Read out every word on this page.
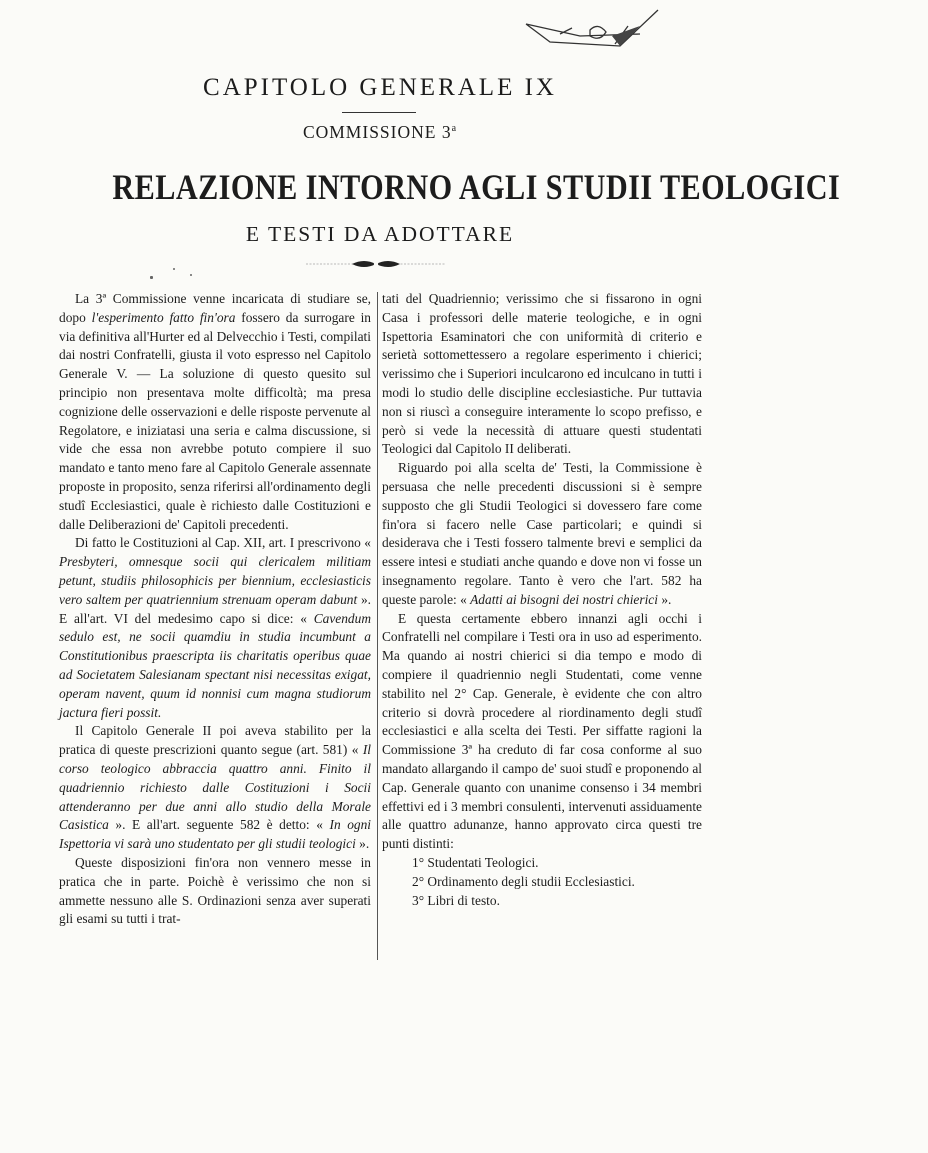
CAPITOLO GENERALE IX
COMMISSIONE 3$^a$
RELAZIONE INTORNO AGLI STUDII TEOLOGICI
E TESTI DA ADOTTARE

La 3ª Commissione venne incaricata di studiare se, dopo l'esperimento fatto fin'ora fossero da surrogare in via definitiva all'Hurter ed al Delvecchio i Testi, compilati dai nostri Confratelli, giusta il voto espresso nel Capitolo Generale V. — La soluzione di questo quesito sul principio non presentava molte difficoltà; ma presa cognizione delle osservazioni e delle risposte pervenute al Regolatore, e iniziatasi una seria e calma discussione, si vide che essa non avrebbe potuto compiere il suo mandato e tanto meno fare al Capitolo Generale assennate proposte in proposito, senza riferirsi all'ordinamento degli studî Ecclesiastici, quale è richiesto dalle Costituzioni e dalle Deliberazioni de' Capitoli precedenti.

Di fatto le Costituzioni al Cap. XII, art. I prescrivono « Presbyteri, omnesque socii qui clericalem militiam petunt, studiis philosophicis per biennium, ecclesiasticis vero saltem per quatriennium strenuam operam dabunt ». E all'art. VI del medesimo capo si dice: « Cavendum sedulo est, ne socii quamdiu in studia incumbunt a Constitutionibus praescripta iis charitatis operibus quae ad Societatem Salesianam spectant nisi necessitas exigat, operam navent, quum id nonnisi cum magna studiorum jactura fieri possit.

Il Capitolo Generale II poi aveva stabilito per la pratica di queste prescrizioni quanto segue (art. 581) « Il corso teologico abbraccia quattro anni. Finito il quadriennio richiesto dalle Costituzioni i Socii attenderanno per due anni allo studio della Morale Casistica ». E all'art. seguente 582 è detto: « In ogni Ispettoria vi sarà uno studentato per gli studii teologici ».

Queste disposizioni fin'ora non vennero messe in pratica che in parte. Poichè è verissimo che non si ammette nessuno alle S. Ordinazioni senza aver superati gli esami su tutti i trat-

tati del Quadriennio; verissimo che si fissarono in ogni Casa i professori delle materie teologiche, e in ogni Ispettoria Esaminatori che con uniformità di criterio e serietà sottomettessero a regolare esperimento i chierici; verissimo che i Superiori inculcarono ed inculcano in tutti i modi lo studio delle discipline ecclesiastiche. Pur tuttavia non si riuscì a conseguire interamente lo scopo prefisso, e però si vede la necessità di attuare questi studentati Teologici dal Capitolo II deliberati.

Riguardo poi alla scelta de' Testi, la Commissione è persuasa che nelle precedenti discussioni si è sempre supposto che gli Studii Teologici si dovessero fare come fin'ora si facero nelle Case particolari; e quindi si desiderava che i Testi fossero talmente brevi e semplici da essere intesi e studiati anche quando e dove non vi fosse un insegnamento regolare. Tanto è vero che l'art. 582 ha queste parole: « Adatti ai bisogni dei nostri chierici ».

E questa certamente ebbero innanzi agli occhi i Confratelli nel compilare i Testi ora in uso ad esperimento. Ma quando ai nostri chierici si dia tempo e modo di compiere il quadriennio negli Studentati, come venne stabilito nel 2° Cap. Generale, è evidente che con altro criterio si dovrà procedere al riordinamento degli studî ecclesiastici e alla scelta dei Testi. Per siffatte ragioni la Commissione 3ª ha creduto di far cosa conforme al suo mandato allargando il campo de' suoi studî e proponendo al Cap. Generale quanto con unanime consenso i 34 membri effettivi ed i 3 membri consulenti, intervenuti assiduamente alle quattro adunanze, hanno approvato circa questi tre punti distinti:

1° Studentati Teologici.
2° Ordinamento degli studii Ecclesiastici.
3° Libri di testo.
